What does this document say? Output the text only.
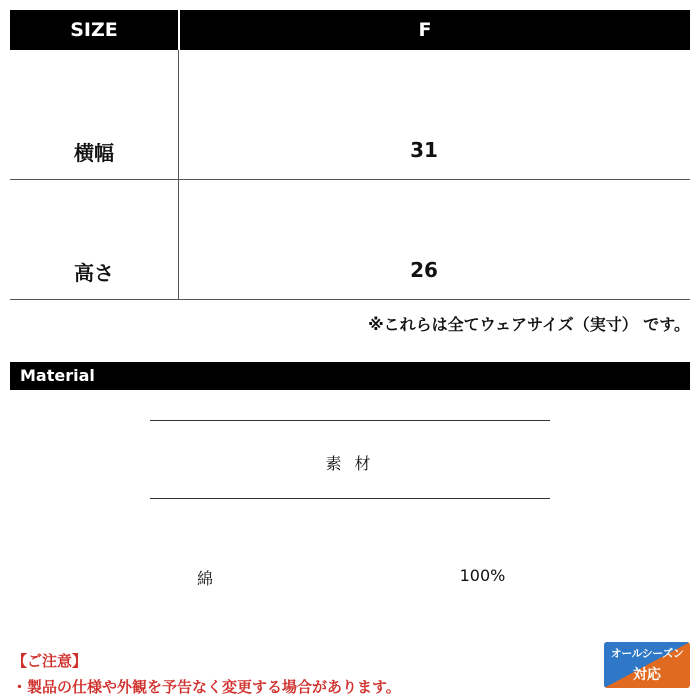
SIZE	F
横幅	31
高さ	26
※これらは全てウェアサイズ（実寸） です。
Material
素 材
綿	100%
【ご注意】
・製品の仕様や外観を予告なく変更する場合があります。
オールシーズン
対応
